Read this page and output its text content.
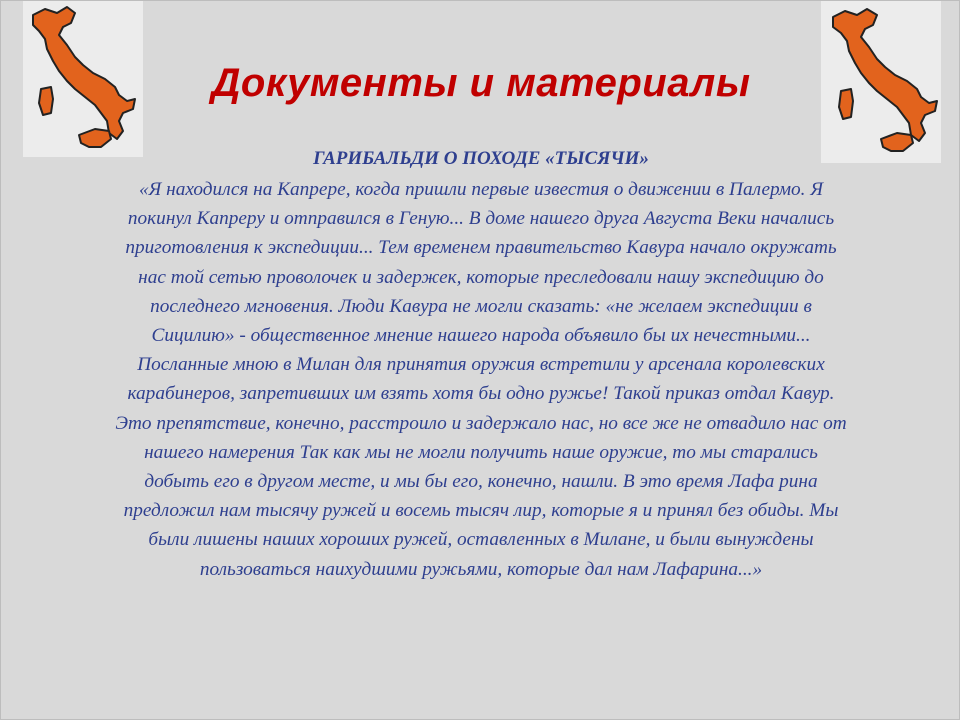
Документы и материалы
ГАРИБАЛЬДИ О ПОХОДЕ «ТЫСЯЧИ»
«Я находился на Капрере, когда пришли первые известия о движении в Палермо. Я
покинул Капреру и отправился в Геную... В доме нашего друга Августа Веки начались
приготовления к экспедиции... Тем временем правительство Кавура начало окружать
нас той сетью проволочек и задержек, которые преследовали нашу экспедицию до
последнего мгновения. Люди Кавура не могли сказать: «не желаем экспедиции в
Сицилию» - общественное мнение нашего народа объявило бы их нечестными...
Посланные мною в Милан для принятия оружия встретили у арсенала королевских
карабинеров, запретивших им взять хотя бы одно ружье! Такой приказ отдал Кавур.
Это препятствие, конечно, расстроило и задержало нас, но все же не отвадило нас от
нашего намерения Так как мы не могли получить наше оружие, то мы старались
добыть его в другом месте, и мы бы его, конечно, нашли. В это время Лафа рина
предложил нам тысячу ружей и восемь тысяч лир, которые я и принял без обиды. Мы
были лишены наших хороших ружей, оставленных в Милане, и были вынуждены
пользоваться наихудшими ружьями, которые дал нам Лафарина...»
